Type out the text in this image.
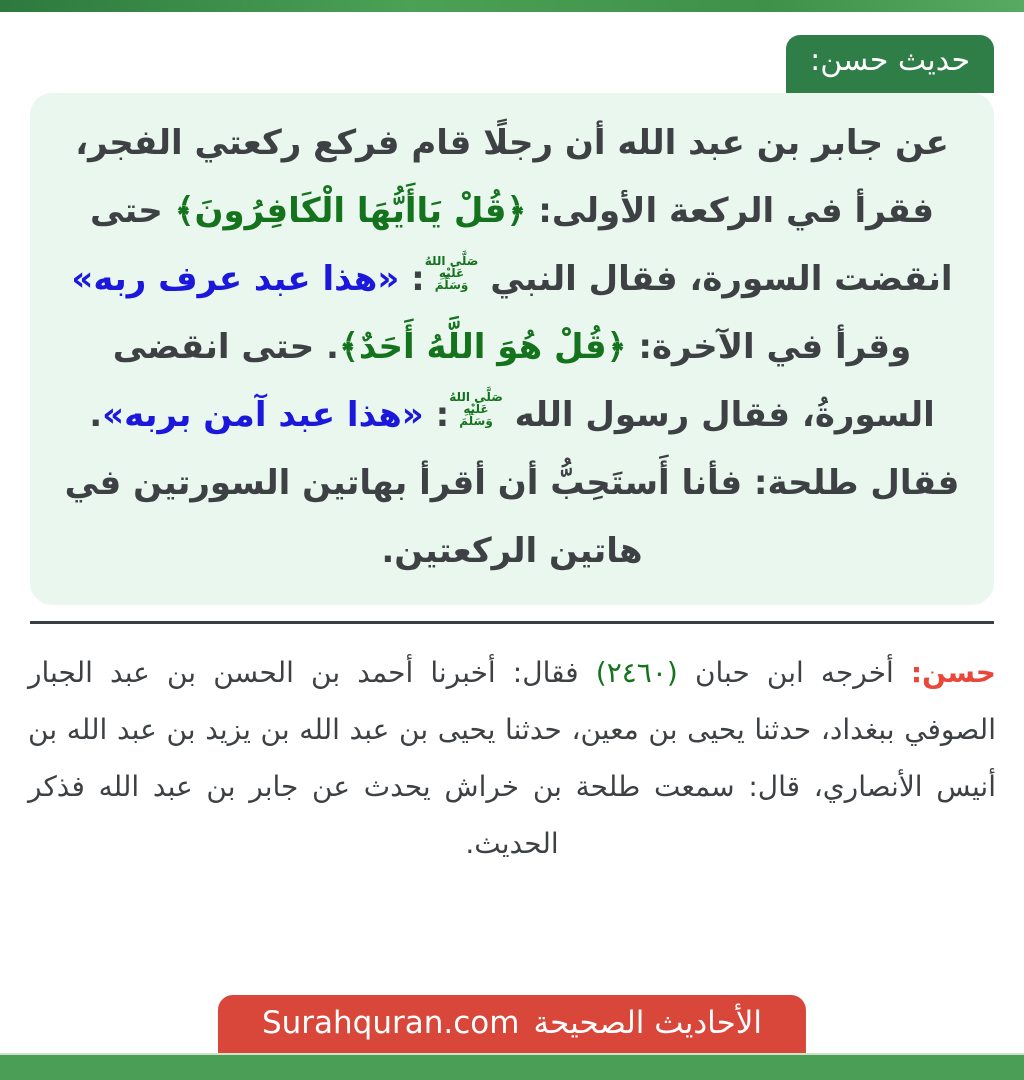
حديث حسن:

عن جابر بن عبد الله أن رجلًا قام فركع ركعتي الفجر، فقرأ في الركعة الأولى: ﴿قُلْ يَاأَيُّهَا الْكَافِرُونَ﴾ حتى انقضت السورة، فقال النبي
صَلَّى اللهُ
عَلَيْهِ
وَسَلَّمَ
: «هذا عبد عرف ربه» وقرأ في الآخرة: ﴿قُلْ هُوَ اللَّهُ أَحَدٌ﴾. حتى انقضى السورةُ، فقال رسول الله
صَلَّى اللهُ
عَلَيْهِ
وَسَلَّمَ
: «هذا عبد آمن بربه».

فقال طلحة: فأنا أَستَحِبُّ أن أقرأ بهاتين السورتين في هاتين الركعتين.

حسن: أخرجه ابن حبان (٢٤٦٠) فقال: أخبرنا أحمد بن الحسن بن عبد الجبار الصوفي ببغداد، حدثنا يحيى بن معين، حدثنا يحيى بن عبد الله بن يزيد بن عبد الله بن أنيس الأنصاري، قال: سمعت طلحة بن خراش يحدث عن جابر بن عبد الله فذكر الحديث.

الأحاديث الصحيحة
Surahquran.com
